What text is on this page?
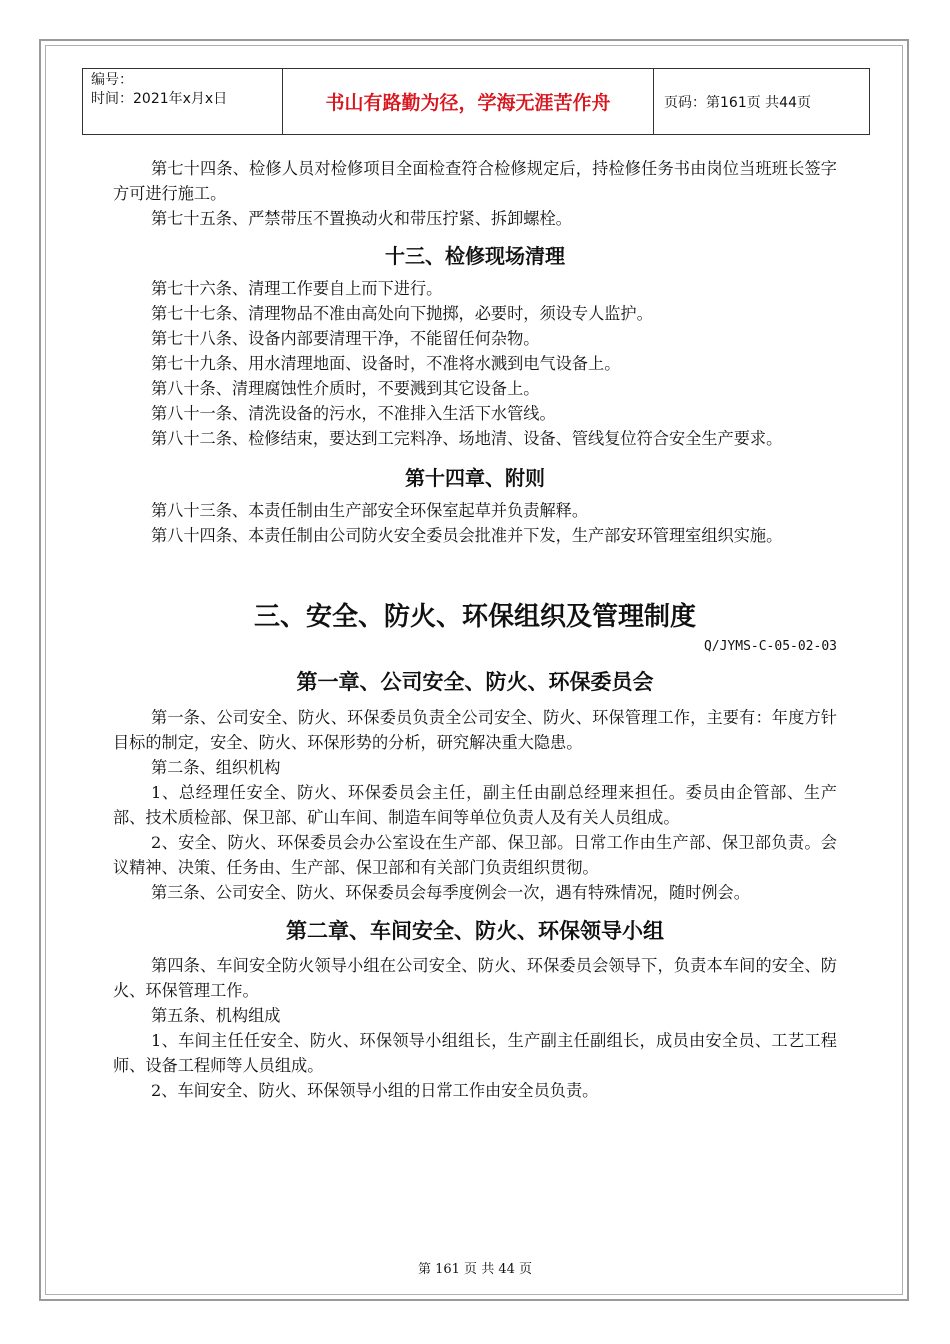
编号：
时间：2021年x月x日	书山有路勤为径，学海无涯苦作舟	页码：第161页 共44页

第七十四条、检修人员对检修项目全面检查符合检修规定后，持检修任务书由岗位当班班长签字方可进行施工。

第七十五条、严禁带压不置换动火和带压拧紧、拆卸螺栓。

十三、检修现场清理

第七十六条、清理工作要自上而下进行。

第七十七条、清理物品不准由高处向下抛掷，必要时，须设专人监护。

第七十八条、设备内部要清理干净，不能留任何杂物。

第七十九条、用水清理地面、设备时，不准将水溅到电气设备上。

第八十条、清理腐蚀性介质时，不要溅到其它设备上。

第八十一条、清洗设备的污水，不准排入生活下水管线。

第八十二条、检修结束，要达到工完料净、场地清、设备、管线复位符合安全生产要求。

第十四章、附则

第八十三条、本责任制由生产部安全环保室起草并负责解释。

第八十四条、本责任制由公司防火安全委员会批准并下发，生产部安环管理室组织实施。

三、安全、防火、环保组织及管理制度
Q/JYMS-C-05-02-03
第一章、公司安全、防火、环保委员会

第一条、公司安全、防火、环保委员负责全公司安全、防火、环保管理工作，主要有：年度方针目标的制定，安全、防火、环保形势的分析，研究解决重大隐患。

第二条、组织机构

1、总经理任安全、防火、环保委员会主任，副主任由副总经理来担任。委员由企管部、生产部、技术质检部、保卫部、矿山车间、制造车间等单位负责人及有关人员组成。

2、安全、防火、环保委员会办公室设在生产部、保卫部。日常工作由生产部、保卫部负责。会议精神、决策、任务由、生产部、保卫部和有关部门负责组织贯彻。

第三条、公司安全、防火、环保委员会每季度例会一次，遇有特殊情况，随时例会。

第二章、车间安全、防火、环保领导小组

第四条、车间安全防火领导小组在公司安全、防火、环保委员会领导下，负责本车间的安全、防火、环保管理工作。

第五条、机构组成

1、车间主任任安全、防火、环保领导小组组长，生产副主任副组长，成员由安全员、工艺工程师、设备工程师等人员组成。

2、车间安全、防火、环保领导小组的日常工作由安全员负责。

第 161 页 共 44 页
